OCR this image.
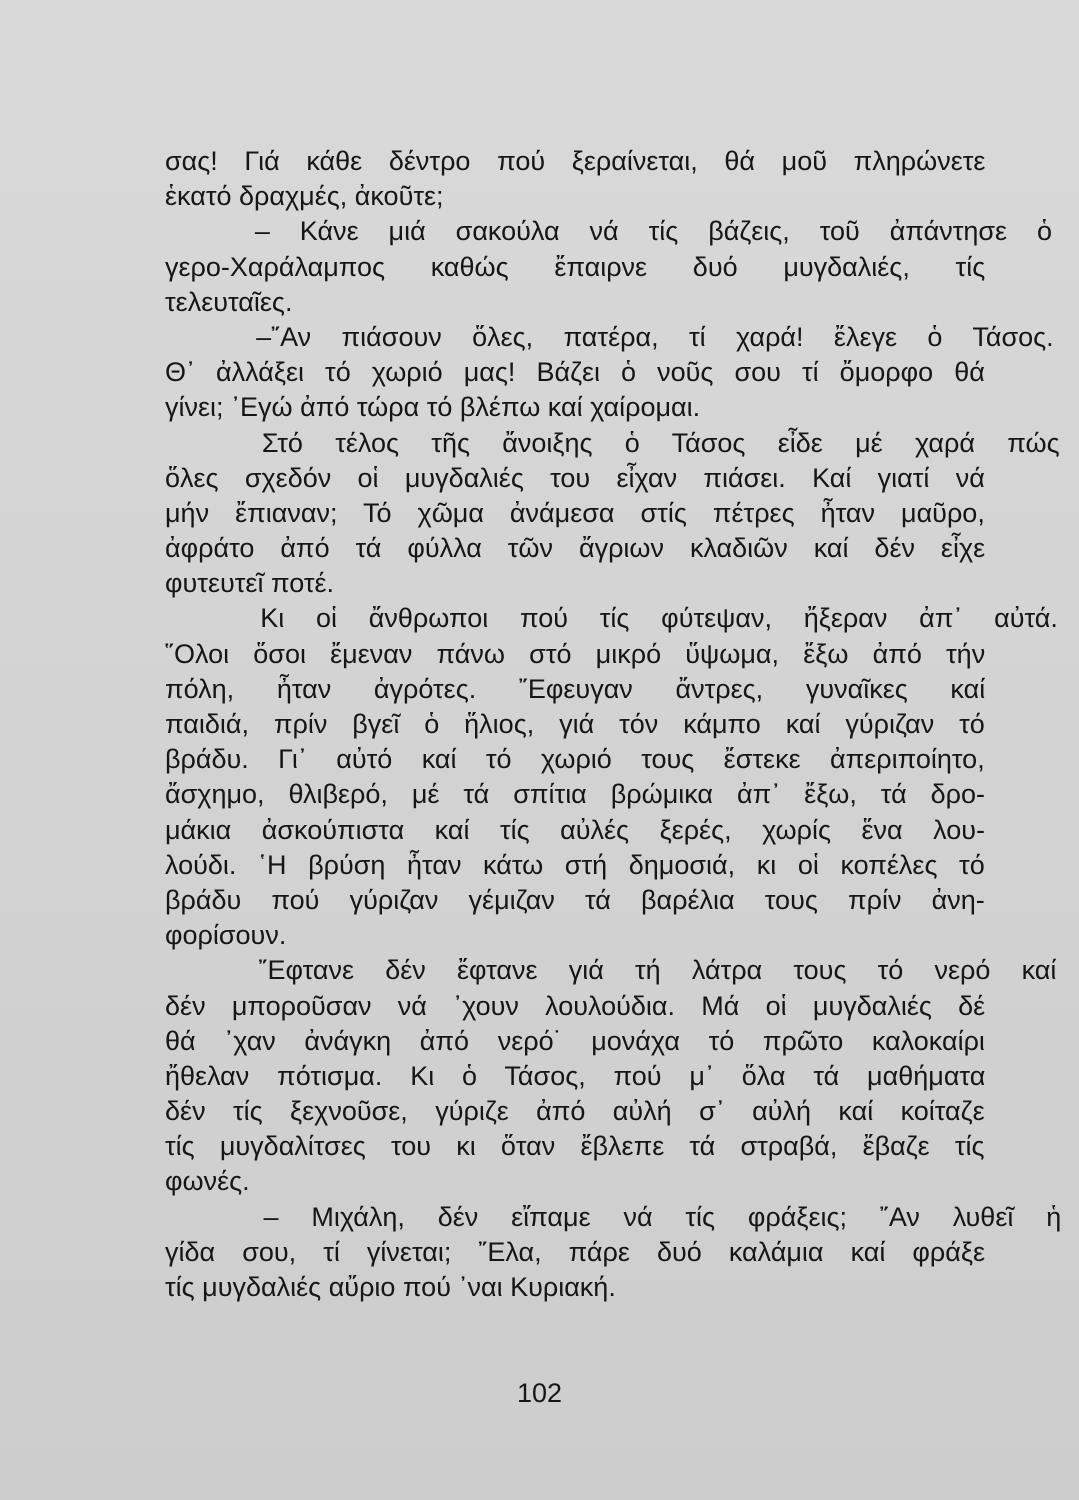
σας! Γιά κάθε δέντρο πού ξεραίνεται, θά μοῦ πληρώνετε
ἑκατό δραχμές, ἀκοῦτε;
– Κάνε μιά σακούλα νά τίς βάζεις, τοῦ ἀπάντησε ὁ
γερο-Χαράλαμπος καθώς ἔπαιρνε δυό μυγδαλιές, τίς
τελευταῖες.
–῎Αν πιάσουν ὅλες, πατέρα, τί χαρά! ἔλεγε ὁ Τάσος.
Θ᾽ ἀλλάξει τό χωριό μας! Βάζει ὁ νοῦς σου τί ὄμορφο θά
γίνει; ᾽Εγώ ἀπό τώρα τό βλέπω καί χαίρομαι.
Στό τέλος τῆς ἄνοιξης ὁ Τάσος εἶδε μέ χαρά πώς
ὅλες σχεδόν οἱ μυγδαλιές του εἶχαν πιάσει. Καί γιατί νά
μήν ἔπιαναν; Τό χῶμα ἀνάμεσα στίς πέτρες ἦταν μαῦρο,
ἀφράτο ἀπό τά φύλλα τῶν ἄγριων κλαδιῶν καί δέν εἶχε
φυτευτεῖ ποτέ.
Κι οἱ ἄνθρωποι πού τίς φύτεψαν, ἤξεραν ἀπ᾽ αὐτά.
῞Ολοι ὅσοι ἔμεναν πάνω στό μικρό ὕψωμα, ἔξω ἀπό τήν
πόλη, ἦταν ἀγρότες. ῎Εφευγαν ἄντρες, γυναῖκες καί
παιδιά, πρίν βγεῖ ὁ ἥλιος, γιά τόν κάμπο καί γύριζαν τό
βράδυ. Γι᾽ αὐτό καί τό χωριό τους ἔστεκε ἀπεριποίητο,
ἄσχημο, θλιβερό, μέ τά σπίτια βρώμικα ἀπ᾽ ἔξω, τά δρο-
μάκια ἀσκούπιστα καί τίς αὐλές ξερές, χωρίς ἕνα λου-
λούδι. ῾Η βρύση ἦταν κάτω στή δημοσιά, κι οἱ κοπέλες τό
βράδυ πού γύριζαν γέμιζαν τά βαρέλια τους πρίν ἀνη-
φορίσουν.
῎Εφτανε δέν ἔφτανε γιά τή λάτρα τους τό νερό καί
δέν μποροῦσαν νά ᾽χουν λουλούδια. Μά οἱ μυγδαλιές δέ
θά ᾽χαν ἀνάγκη ἀπό νερό˙ μονάχα τό πρῶτο καλοκαίρι
ἤθελαν πότισμα. Κι ὁ Τάσος, πού μ᾽ ὅλα τά μαθήματα
δέν τίς ξεχνοῦσε, γύριζε ἀπό αὐλή σ᾽ αὐλή καί κοίταζε
τίς μυγδαλίτσες του κι ὅταν ἔβλεπε τά στραβά, ἔβαζε τίς
φωνές.
– Μιχάλη, δέν εἴπαμε νά τίς φράξεις; ῎Αν λυθεῖ ἡ
γίδα σου, τί γίνεται; ῎Ελα, πάρε δυό καλάμια καί φράξε
τίς μυγδαλιές αὔριο πού ᾽ναι Κυριακή.
102
